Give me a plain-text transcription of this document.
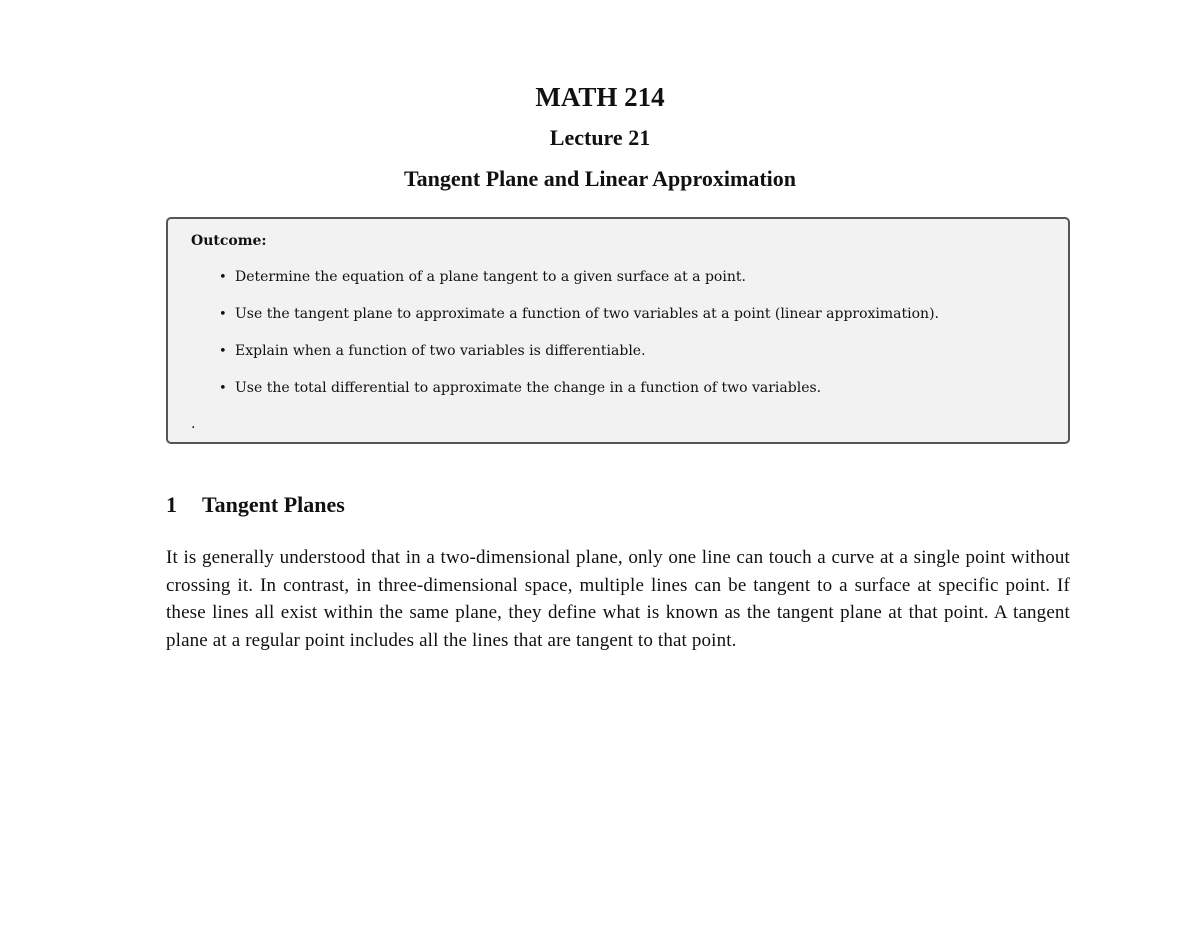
MATH 214
Lecture 21
Tangent Plane and Linear Approximation
Outcome:
• Determine the equation of a plane tangent to a given surface at a point.
• Use the tangent plane to approximate a function of two variables at a point (linear approximation).
• Explain when a function of two variables is differentiable.
• Use the total differential to approximate the change in a function of two variables.

.

1 Tangent Planes

It is generally understood that in a two-dimensional plane, only one line can touch a curve at a single point without crossing it. In contrast, in three-dimensional space, multiple lines can be tangent to a surface at specific point. If these lines all exist within the same plane, they define what is known as the tangent plane at that point. A tangent plane at a regular point includes all the lines that are tangent to that point.
